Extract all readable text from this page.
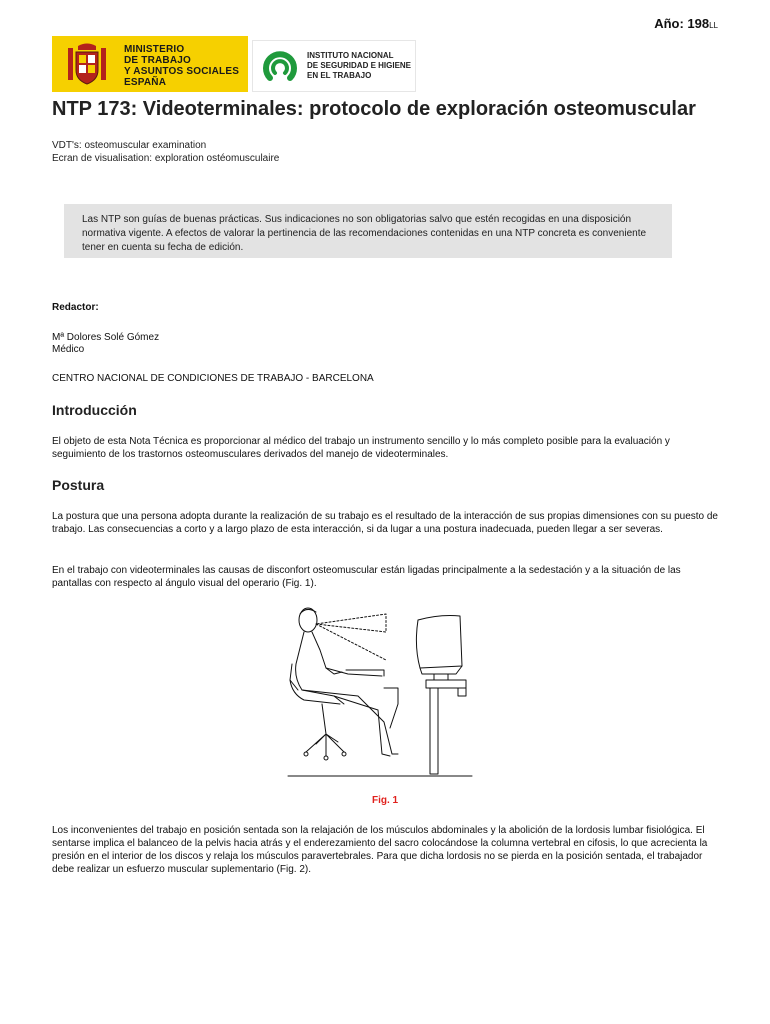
Año: 198LL
MINISTERIO
DE TRABAJO
Y ASUNTOS SOCIALES
ESPAÑA
INSTITUTO NACIONAL
DE SEGURIDAD E HIGIENE
EN EL TRABAJO
NTP 173: Videoterminales: protocolo de exploración osteomuscular
VDT's: osteomuscular examination
Ecran de visualisation: exploration ostéomusculaire

Las NTP son guías de buenas prácticas. Sus indicaciones no son obligatorias salvo que estén recogidas en una disposición normativa vigente. A efectos de valorar la pertinencia de las recomendaciones contenidas en una NTP concreta es conveniente tener en cuenta su fecha de edición.

Redactor:
Mª Dolores Solé Gómez
Médico
CENTRO NACIONAL DE CONDICIONES DE TRABAJO - BARCELONA
Introducción
El objeto de esta Nota Técnica es proporcionar al médico del trabajo un instrumento sencillo y lo más completo posible para la evaluación y seguimiento de los trastornos osteomusculares derivados del manejo de videoterminales.
Postura
La postura que una persona adopta durante la realización de su trabajo es el resultado de la interacción de sus propias dimensiones con su puesto de trabajo. Las consecuencias a corto y a largo plazo de esta interacción, si da lugar a una postura inadecuada, pueden llegar a ser severas.
En el trabajo con videoterminales las causas de disconfort osteomuscular están ligadas principalmente a la sedestación y a la situación de las pantallas con respecto al ángulo visual del operario (Fig. 1).
Fig. 1
Los inconvenientes del trabajo en posición sentada son la relajación de los músculos abdominales y la abolición de la lordosis lumbar fisiológica. El sentarse implica el balanceo de la pelvis hacia atrás y el enderezamiento del sacro colocándose la columna vertebral en cifosis, lo que acrecienta la presión en el interior de los discos y relaja los músculos paravertebrales. Para que dicha lordosis no se pierda en la posición sentada, el trabajador debe realizar un esfuerzo muscular suplementario (Fig. 2).
